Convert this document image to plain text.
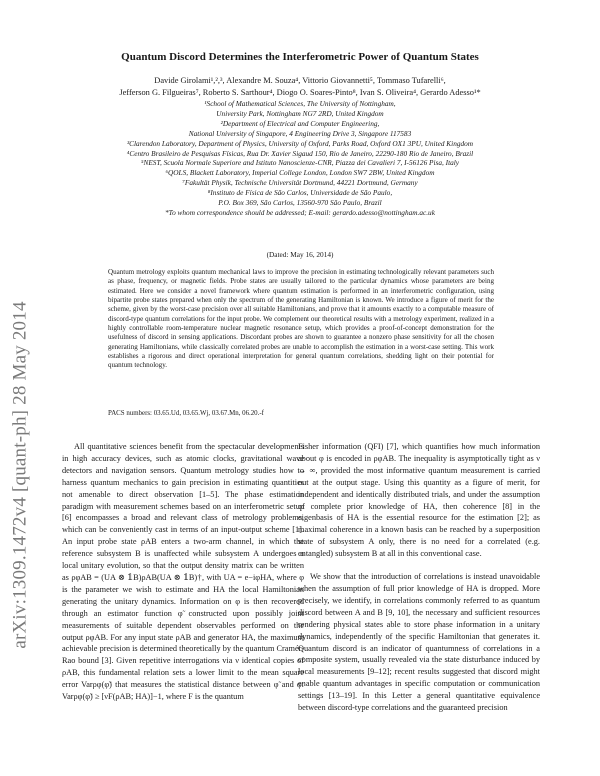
arXiv:1309.1472v4 [quant-ph] 28 May 2014
Quantum Discord Determines the Interferometric Power of Quantum States
Davide Girolami¹,²,³, Alexandre M. Souza⁴, Vittorio Giovannetti⁵, Tommaso Tufarelli⁶,
Jefferson G. Filgueiras⁷, Roberto S. Sarthour⁴, Diogo O. Soares-Pinto⁸, Ivan S. Oliveira⁴, Gerardo Adesso¹*
¹School of Mathematical Sciences, The University of Nottingham,
University Park, Nottingham NG7 2RD, United Kingdom
²Department of Electrical and Computer Engineering,
National University of Singapore, 4 Engineering Drive 3, Singapore 117583
³Clarendon Laboratory, Department of Physics, University of Oxford, Parks Road, Oxford OX1 3PU, United Kingdom
⁴Centro Brasileiro de Pesquisas Físicas, Rua Dr. Xavier Sigaud 150, Rio de Janeiro, 22290-180 Rio de Janeiro, Brazil
⁵NEST, Scuola Normale Superiore and Istituto Nanoscienze-CNR, Piazza dei Cavalieri 7, I-56126 Pisa, Italy
⁶QOLS, Blackett Laboratory, Imperial College London, London SW7 2BW, United Kingdom
⁷Fakultät Physik, Technische Universität Dortmund, 44221 Dortmund, Germany
⁸Instituto de Física de São Carlos, Universidade de São Paulo,
P.O. Box 369, São Carlos, 13560-970 São Paulo, Brazil
*To whom correspondence should be addressed; E-mail: gerardo.adesso@nottingham.ac.uk
(Dated: May 16, 2014)
Quantum metrology exploits quantum mechanical laws to improve the precision in estimating technologically relevant parameters such as phase, frequency, or magnetic fields. Probe states are usually tailored to the particular dynamics whose parameters are being estimated. Here we consider a novel framework where quantum estimation is performed in an interferometric configuration, using bipartite probe states prepared when only the spectrum of the generating Hamiltonian is known. We introduce a figure of merit for the scheme, given by the worst-case precision over all suitable Hamiltonians, and prove that it amounts exactly to a computable measure of discord-type quantum correlations for the input probe. We complement our theoretical results with a metrology experiment, realized in a highly controllable room-temperature nuclear magnetic resonance setup, which provides a proof-of-concept demonstration for the usefulness of discord in sensing applications. Discordant probes are shown to guarantee a nonzero phase sensitivity for all the chosen generating Hamiltonians, while classically correlated probes are unable to accomplish the estimation in a worst-case setting. This work establishes a rigorous and direct operational interpretation for general quantum correlations, shedding light on their potential for quantum technology.
PACS numbers: 03.65.Ud, 03.65.Wj, 03.67.Mn, 06.20.-f

All quantitative sciences benefit from the spectacular developments in high accuracy devices, such as atomic clocks, gravitational wave detectors and navigation sensors. Quantum metrology studies how to harness quantum mechanics to gain precision in estimating quantities not amenable to direct observation [1–5]. The phase estimation paradigm with measurement schemes based on an interferometric setup [6] encompasses a broad and relevant class of metrology problems, which can be conveniently cast in terms of an input-output scheme [1]. An input probe state ρAB enters a two-arm channel, in which the reference subsystem B is unaffected while subsystem A undergoes a local unitary evolution, so that the output density matrix can be written as ρφAB = (UA ⊗ 𝟙B)ρAB(UA ⊗ 𝟙B)†, with UA = e−iφHA, where φ is the parameter we wish to estimate and HA the local Hamiltonian generating the unitary dynamics. Information on φ is then recovered through an estimator function φ̃ constructed upon possibly joint measurements of suitable dependent observables performed on the output ρφAB. For any input state ρAB and generator HA, the maximum achievable precision is determined theoretically by the quantum Cramér-Rao bound [3]. Given repetitive interrogations via ν identical copies of ρAB, this fundamental relation sets a lower limit to the mean square error Varρφ(φ̃) that measures the statistical distance between φ̃ and φ: Varρφ(φ̃) ≥ [νF(ρAB; HA)]−1, where F is the quantum

Fisher information (QFI) [7], which quantifies how much information about φ is encoded in ρφAB. The inequality is asymptotically tight as ν → ∞, provided the most informative quantum measurement is carried out at the output stage. Using this quantity as a figure of merit, for independent and identically distributed trials, and under the assumption of complete prior knowledge of HA, then coherence [8] in the eigenbasis of HA is the essential resource for the estimation [2]; as maximal coherence in a known basis can be reached by a superposition state of subsystem A only, there is no need for a correlated (e.g. entangled) subsystem B at all in this conventional case.

We show that the introduction of correlations is instead unavoidable when the assumption of full prior knowledge of HA is dropped. More precisely, we identify, in correlations commonly referred to as quantum discord between A and B [9, 10], the necessary and sufficient resources rendering physical states able to store phase information in a unitary dynamics, independently of the specific Hamiltonian that generates it. Quantum discord is an indicator of quantumness of correlations in a composite system, usually revealed via the state disturbance induced by local measurements [9–12]; recent results suggested that discord might enable quantum advantages in specific computation or communication settings [13–19]. In this Letter a general quantitative equivalence between discord-type correlations and the guaranteed precision
